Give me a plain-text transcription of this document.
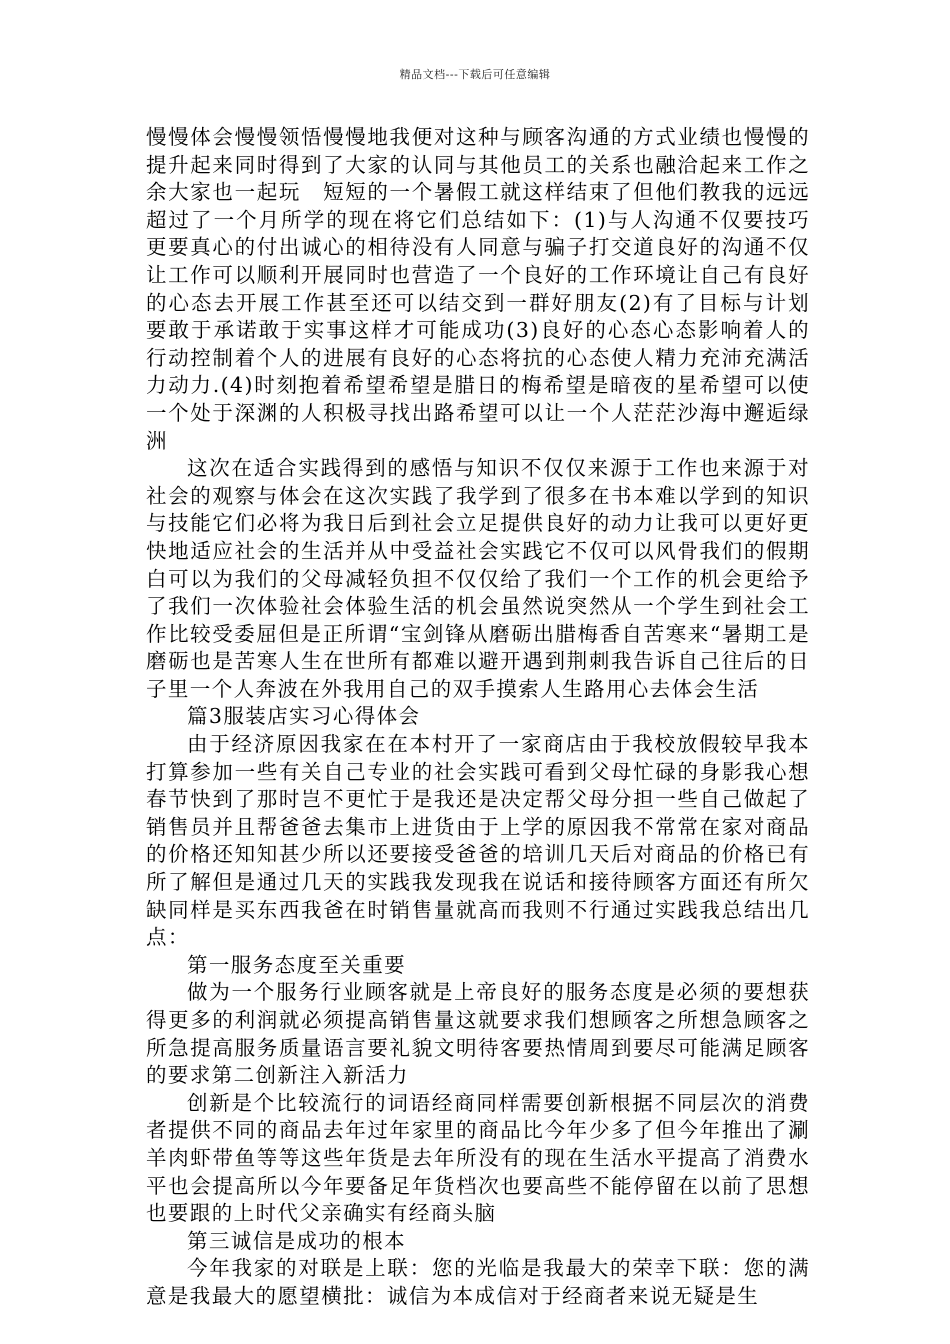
精品文档---下载后可任意编辑

慢慢体会慢慢领悟慢慢地我便对这种与顾客沟通的方式业绩也慢慢的提升起来同时得到了大家的认同与其他员工的关系也融洽起来工作之余大家也一起玩　短短的一个暑假工就这样结束了但他们教我的远远超过了一个月所学的现在将它们总结如下：(1)与人沟通不仅要技巧更要真心的付出诚心的相待没有人同意与骗子打交道良好的沟通不仅让工作可以顺利开展同时也营造了一个良好的工作环境让自己有良好的心态去开展工作甚至还可以结交到一群好朋友(2)有了目标与计划要敢于承诺敢于实事这样才可能成功(3)良好的心态心态影响着人的行动控制着个人的进展有良好的心态将抗的心态使人精力充沛充满活力动力.(4)时刻抱着希望希望是腊日的梅希望是暗夜的星希望可以使一个处于深渊的人积极寻找出路希望可以让一个人茫茫沙海中邂逅绿洲

这次在适合实践得到的感悟与知识不仅仅来源于工作也来源于对社会的观察与体会在这次实践了我学到了很多在书本难以学到的知识与技能它们必将为我日后到社会立足提供良好的动力让我可以更好更快地适应社会的生活并从中受益社会实践它不仅可以风骨我们的假期白可以为我们的父母减轻负担不仅仅给了我们一个工作的机会更给予了我们一次体验社会体验生活的机会虽然说突然从一个学生到社会工作比较受委屈但是正所谓“宝剑锋从磨砺出腊梅香自苦寒来“暑期工是磨砺也是苦寒人生在世所有都难以避开遇到荆刺我告诉自己往后的日子里一个人奔波在外我用自己的双手摸索人生路用心去体会生活

篇3服装店实习心得体会

由于经济原因我家在在本村开了一家商店由于我校放假较早我本打算参加一些有关自己专业的社会实践可看到父母忙碌的身影我心想春节快到了那时岂不更忙于是我还是决定帮父母分担一些自己做起了销售员并且帮爸爸去集市上进货由于上学的原因我不常常在家对商品的价格还知知甚少所以还要接受爸爸的培训几天后对商品的价格已有所了解但是通过几天的实践我发现我在说话和接待顾客方面还有所欠缺同样是买东西我爸在时销售量就高而我则不行通过实践我总结出几点：

第一服务态度至关重要

做为一个服务行业顾客就是上帝良好的服务态度是必须的要想获得更多的利润就必须提高销售量这就要求我们想顾客之所想急顾客之所急提高服务质量语言要礼貌文明待客要热情周到要尽可能满足顾客的要求第二创新注入新活力

创新是个比较流行的词语经商同样需要创新根据不同层次的消费者提供不同的商品去年过年家里的商品比今年少多了但今年推出了涮羊肉虾带鱼等等这些年货是去年所没有的现在生活水平提高了消费水平也会提高所以今年要备足年货档次也要高些不能停留在以前了思想也要跟的上时代父亲确实有经商头脑

第三诚信是成功的根本

今年我家的对联是上联：您的光临是我最大的荣幸下联：您的满意是我最大的愿望横批：诚信为本成信对于经商者来说无疑是生
